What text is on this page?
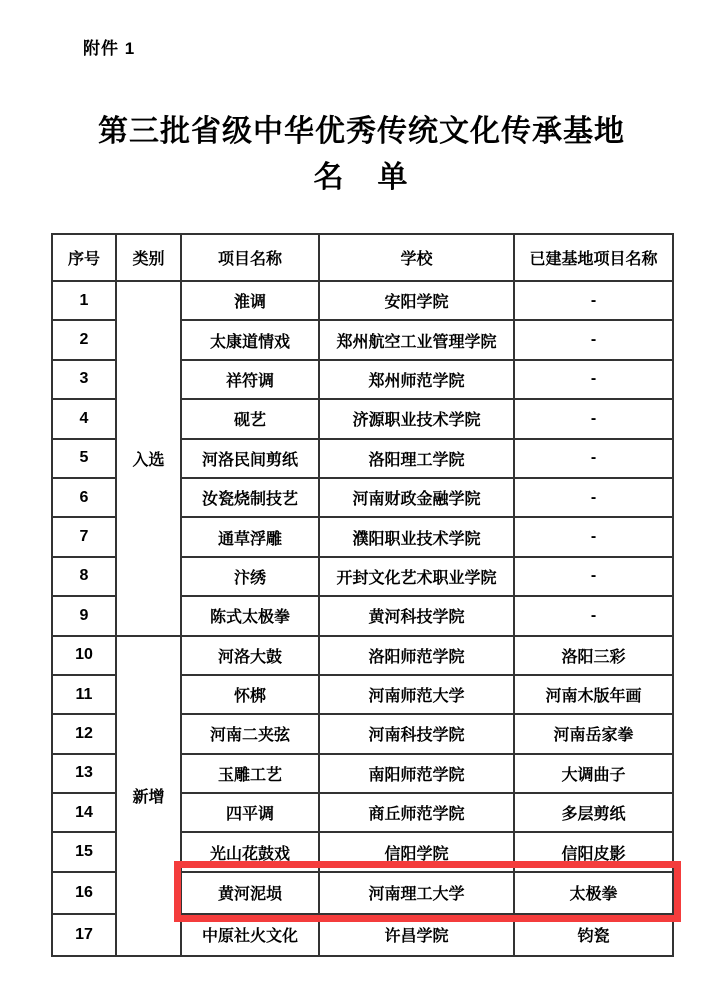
附件 1
第三批省级中华优秀传统文化传承基地
名　单
序号	类别	项目名称	学校	已建基地项目名称
1	入选	淮调	安阳学院	-
2		太康道情戏	郑州航空工业管理学院	-
3		祥符调	郑州师范学院	-
4		砚艺	济源职业技术学院	-
5		河洛民间剪纸	洛阳理工学院	-
6		汝瓷烧制技艺	河南财政金融学院	-
7		通草浮雕	濮阳职业技术学院	-
8		汴绣	开封文化艺术职业学院	-
9		陈式太极拳	黄河科技学院	-
10	新增	河洛大鼓	洛阳师范学院	洛阳三彩
11		怀梆	河南师范大学	河南木版年画
12		河南二夹弦	河南科技学院	河南岳家拳
13		玉雕工艺	南阳师范学院	大调曲子
14		四平调	商丘师范学院	多层剪纸
15		光山花鼓戏	信阳学院	信阳皮影
16		黄河泥埙	河南理工大学	太极拳
17		中原社火文化	许昌学院	钧瓷
